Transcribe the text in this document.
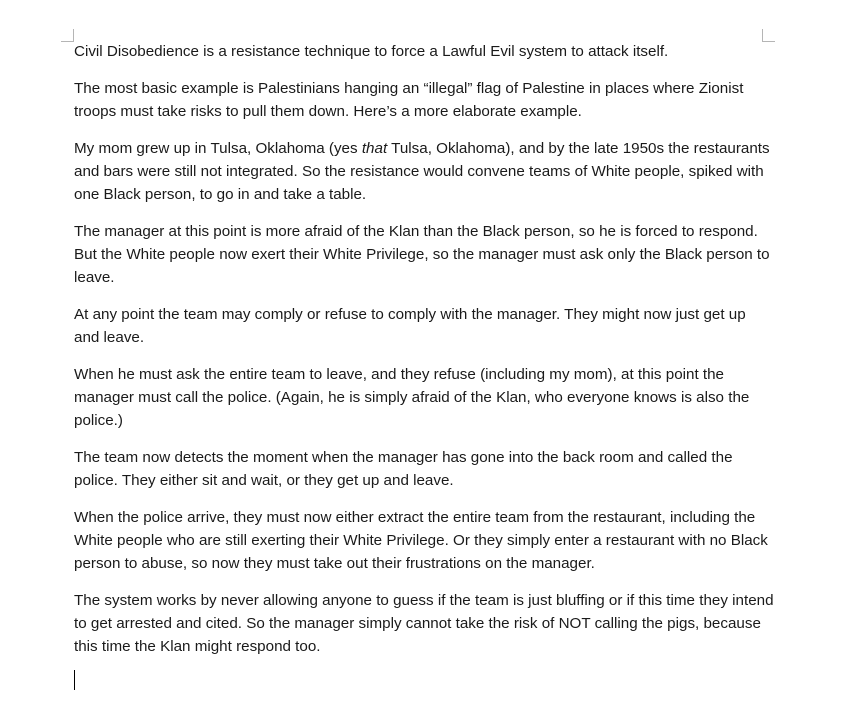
Civil Disobedience is a resistance technique to force a Lawful Evil system to attack itself.

The most basic example is Palestinians hanging an “illegal” flag of Palestine in places where Zionist troops must take risks to pull them down. Here’s a more elaborate example.

My mom grew up in Tulsa, Oklahoma (yes that Tulsa, Oklahoma), and by the late 1950s the restaurants and bars were still not integrated. So the resistance would convene teams of White people, spiked with one Black person, to go in and take a table.

The manager at this point is more afraid of the Klan than the Black person, so he is forced to respond. But the White people now exert their White Privilege, so the manager must ask only the Black person to leave.

At any point the team may comply or refuse to comply with the manager. They might now just get up and leave.

When he must ask the entire team to leave, and they refuse (including my mom), at this point the manager must call the police. (Again, he is simply afraid of the Klan, who everyone knows is also the police.)

The team now detects the moment when the manager has gone into the back room and called the police. They either sit and wait, or they get up and leave.

When the police arrive, they must now either extract the entire team from the restaurant, including the White people who are still exerting their White Privilege. Or they simply enter a restaurant with no Black person to abuse, so now they must take out their frustrations on the manager.

The system works by never allowing anyone to guess if the team is just bluffing or if this time they intend to get arrested and cited. So the manager simply cannot take the risk of NOT calling the pigs, because this time the Klan might respond too.
